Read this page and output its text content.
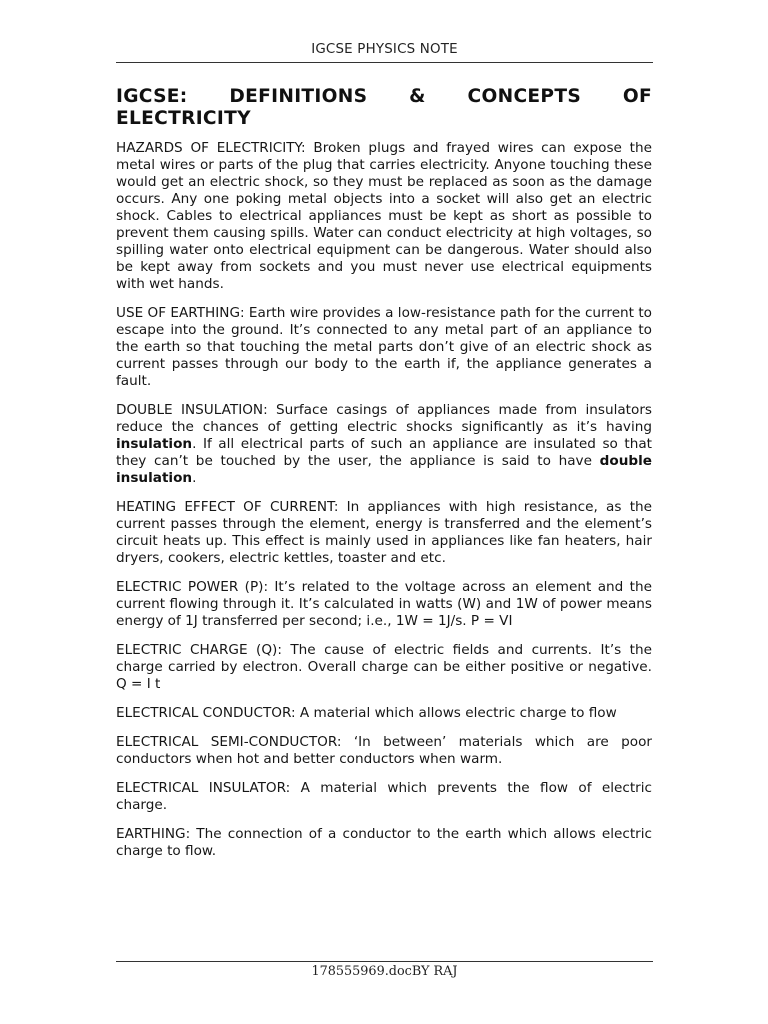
IGCSE PHYSICS NOTE
IGCSE: DEFINITIONS & CONCEPTS OF ELECTRICITY

HAZARDS OF ELECTRICITY: Broken plugs and frayed wires can expose the metal wires or parts of the plug that carries electricity. Anyone touching these would get an electric shock, so they must be replaced as soon as the damage occurs. Any one poking metal objects into a socket will also get an electric shock. Cables to electrical appliances must be kept as short as possible to prevent them causing spills. Water can conduct electricity at high voltages, so spilling water onto electrical equipment can be dangerous. Water should also be kept away from sockets and you must never use electrical equipments with wet hands.

USE OF EARTHING: Earth wire provides a low-resistance path for the current to escape into the ground. It’s connected to any metal part of an appliance to the earth so that touching the metal parts don’t give of an electric shock as current passes through our body to the earth if, the appliance generates a fault.

DOUBLE INSULATION: Surface casings of appliances made from insulators reduce the chances of getting electric shocks significantly as it’s having insulation. If all electrical parts of such an appliance are insulated so that they can’t be touched by the user, the appliance is said to have double insulation.

HEATING EFFECT OF CURRENT: In appliances with high resistance, as the current passes through the element, energy is transferred and the element’s circuit heats up. This effect is mainly used in appliances like fan heaters, hair dryers, cookers, electric kettles, toaster and etc.

ELECTRIC POWER (P): It’s related to the voltage across an element and the current flowing through it. It’s calculated in watts (W) and 1W of power means energy of 1J transferred per second; i.e., 1W = 1J/s. P = VI

ELECTRIC CHARGE (Q): The cause of electric fields and currents. It’s the charge carried by electron. Overall charge can be either positive or negative. Q = I t

ELECTRICAL CONDUCTOR: A material which allows electric charge to flow

ELECTRICAL SEMI-CONDUCTOR: ‘In between’ materials which are poor conductors when hot and better conductors when warm.

ELECTRICAL INSULATOR: A material which prevents the flow of electric charge.

EARTHING: The connection of a conductor to the earth which allows electric charge to flow.

178555969.docBY RAJ
